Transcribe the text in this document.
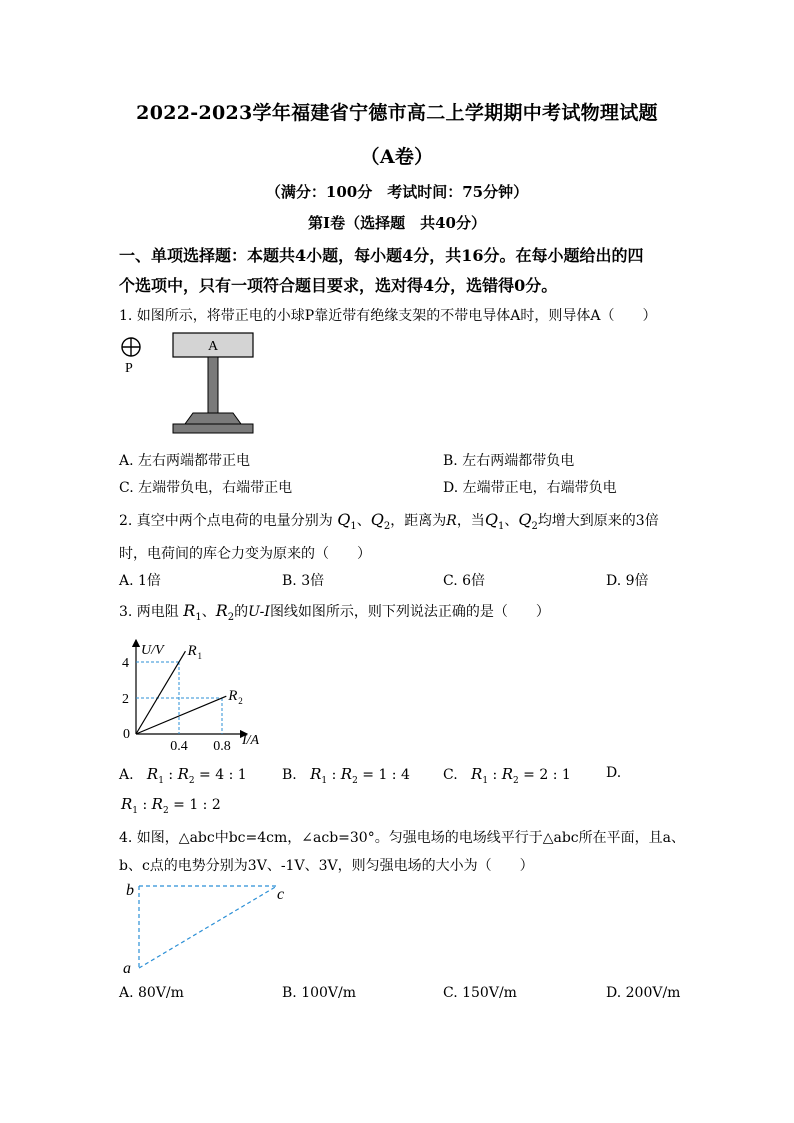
2022-2023学年福建省宁德市高二上学期期中考试物理试题
（A卷）
（满分：100分　考试时间：75分钟）
第Ⅰ卷（选择题　共40分）
一、单项选择题：本题共4小题，每小题4分，共16分。在每小题给出的四
个选项中，只有一项符合题目要求，选对得4分，选错得0分。
1. 如图所示，将带正电的小球P靠近带有绝缘支架的不带电导体A时，则导体A（　　）
P
A
A. 左右两端都带正电	B. 左右两端都带负电
C. 左端带负电，右端带正电	D. 左端带正电，右端带负电
2. 真空中两个点电荷的电量分别为 $Q_1$、$Q_2$，距离为R，当$Q_1$、$Q_2$均增大到原来的3倍
时，电荷间的库仑力变为原来的（　　）
A. 1倍	B. 3倍	C. 6倍	D. 9倍
3. 两电阻 $R_1$、$R_2$的U-I图线如图所示，则下列说法正确的是（　　）
R 1
R 2
0.4 0.8
2
4
0
U/V
I/A
A. $R_1$ : $R_2 = 4$ : 1	B. $R_1$ : $R_2 = 1$ : 4 C. $R_1$ : $R_2 = 2$ : 1	D.
$R_1$ : $R_2 = 1$ : 2
4. 如图，△abc中bc=4cm，∠acb=30°。匀强电场的电场线平行于△abc所在平面，且a、
b、c点的电势分别为3V、-1V、3V，则匀强电场的大小为（　　）
b	c
a
A. 80V/m	B. 100V/m	C. 150V/m	D. 200V/m
